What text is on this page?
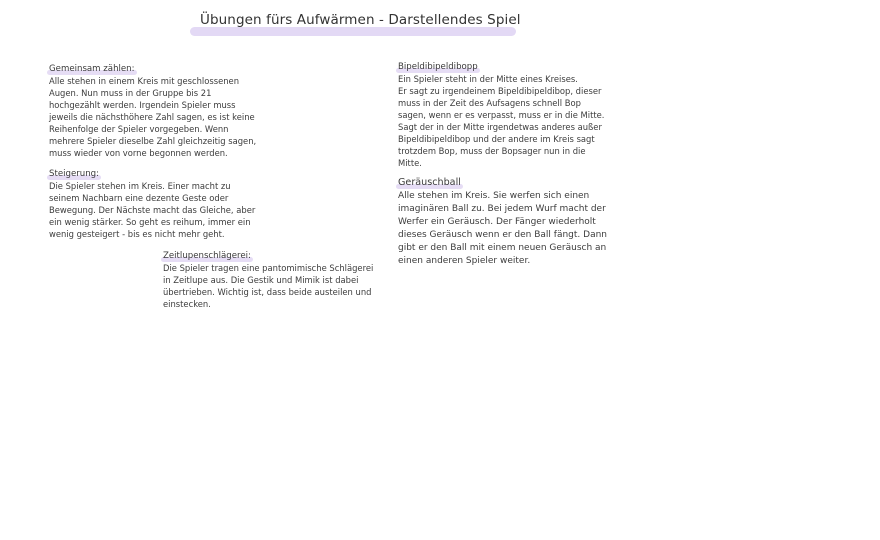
Übungen fürs Aufwärmen - Darstellendes Spiel
Gemeinsam zählen:

Alle stehen in einem Kreis mit geschlossenen
Augen. Nun muss in der Gruppe bis 21
hochgezählt werden. Irgendein Spieler muss
jeweils die nächsthöhere Zahl sagen, es ist keine
Reihenfolge der Spieler vorgegeben. Wenn
mehrere Spieler dieselbe Zahl gleichzeitig sagen,
muss wieder von vorne begonnen werden.

Steigerung:

Die Spieler stehen im Kreis. Einer macht zu
seinem Nachbarn eine dezente Geste oder
Bewegung. Der Nächste macht das Gleiche, aber
ein wenig stärker. So geht es reihum, immer ein
wenig gesteigert - bis es nicht mehr geht.

Zeitlupenschlägerei:

Die Spieler tragen eine pantomimische Schlägerei
in Zeitlupe aus. Die Gestik und Mimik ist dabei
übertrieben. Wichtig ist, dass beide austeilen und
einstecken.

Bipeldibipeldibopp

Ein Spieler steht in der Mitte eines Kreises.
Er sagt zu irgendeinem Bipeldibipeldibop, dieser
muss in der Zeit des Aufsagens schnell Bop
sagen, wenn er es verpasst, muss er in die Mitte.
Sagt der in der Mitte irgendetwas anderes außer
Bipeldibipeldibop und der andere im Kreis sagt
trotzdem Bop, muss der Bopsager nun in die
Mitte.

Geräuschball

Alle stehen im Kreis. Sie werfen sich einen
imaginären Ball zu. Bei jedem Wurf macht der
Werfer ein Geräusch. Der Fänger wiederholt
dieses Geräusch wenn er den Ball fängt. Dann
gibt er den Ball mit einem neuen Geräusch an
einen anderen Spieler weiter.
